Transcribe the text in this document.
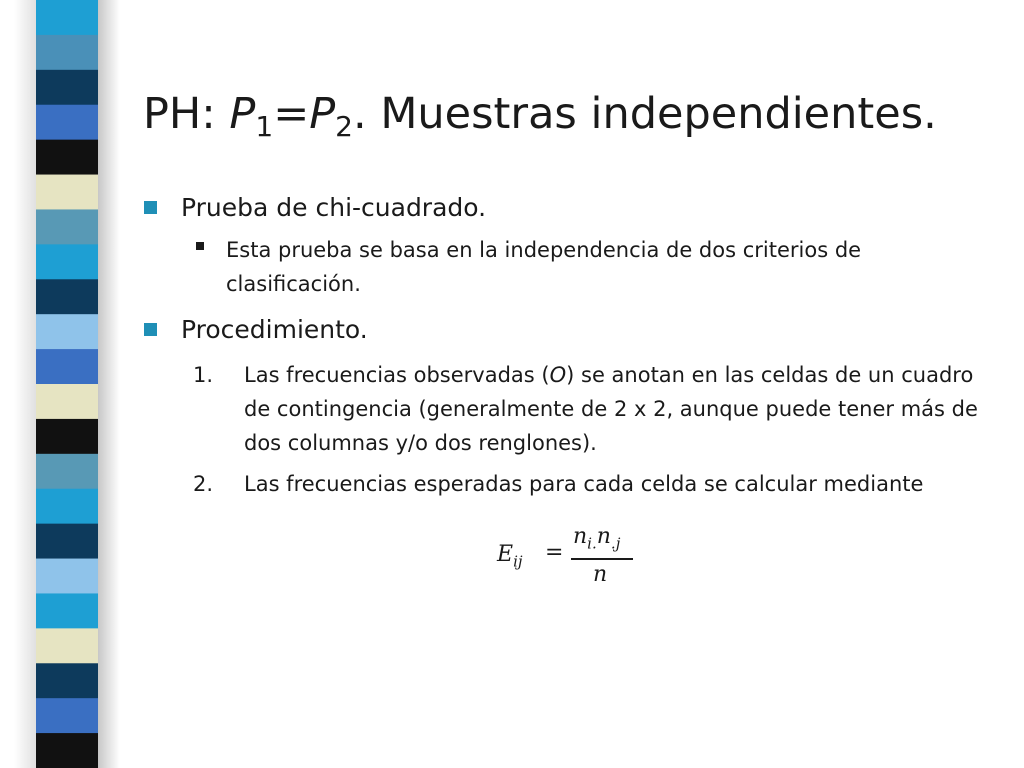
PH: $P_1=P_2$. Muestras independientes.
Prueba de chi-cuadrado.
Esta prueba se basa en la independencia de dos criterios de clasificación.
Procedimiento.
1. Las frecuencias observadas (O) se anotan en las celdas de un cuadro de contingencia (generalmente de 2 x 2, aunque puede tener más de dos columnas y/o dos renglones).
2. Las frecuencias esperadas para cada celda se calcular mediante
$E_{ij}$ =
$n_{i.}n_{.j}$
n
